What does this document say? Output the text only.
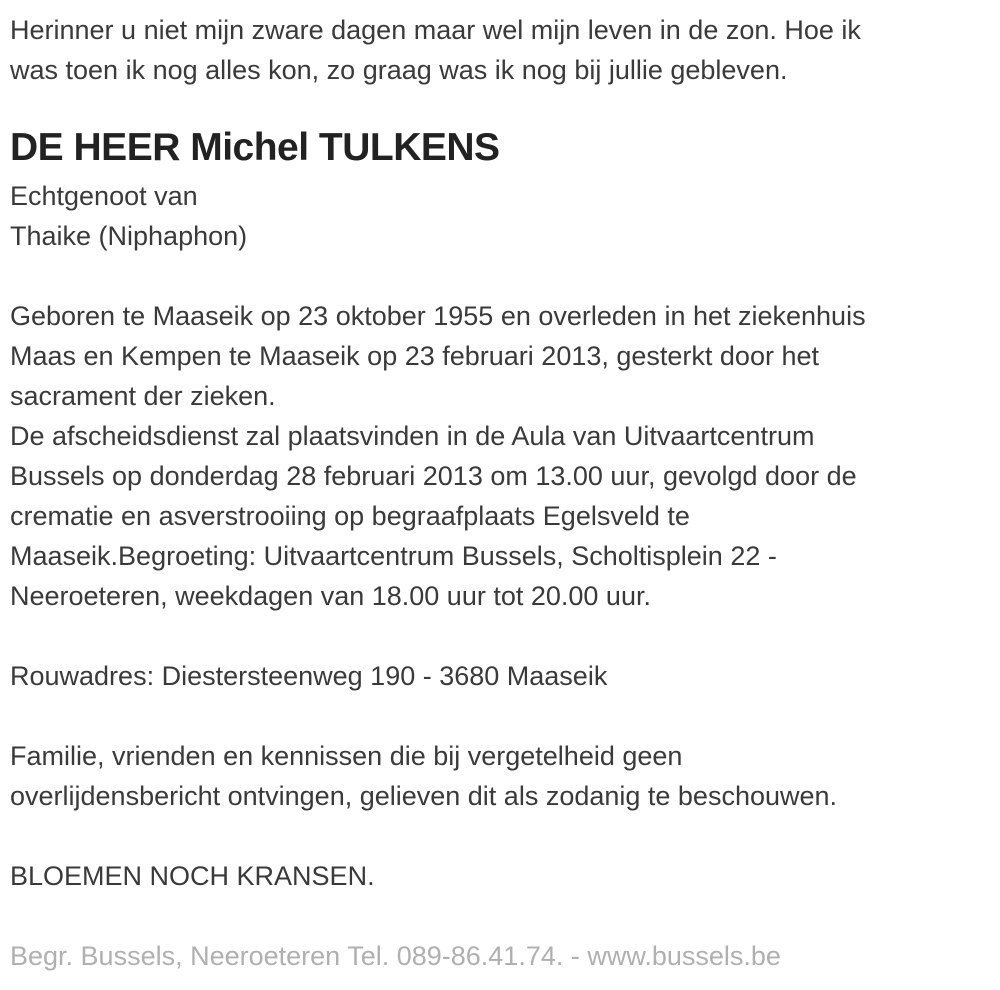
Herinner u niet mijn zware dagen maar wel mijn leven in de zon. Hoe ik
was toen ik nog alles kon, zo graag was ik nog bij jullie gebleven.

DE HEER Michel TULKENS

Echtgenoot van
Thaike (Niphaphon)

Geboren te Maaseik op 23 oktober 1955 en overleden in het ziekenhuis
Maas en Kempen te Maaseik op 23 februari 2013, gesterkt door het
sacrament der zieken.
De afscheidsdienst zal plaatsvinden in de Aula van Uitvaartcentrum
Bussels op donderdag 28 februari 2013 om 13.00 uur, gevolgd door de
crematie en asverstrooiing op begraafplaats Egelsveld te
Maaseik.Begroeting: Uitvaartcentrum Bussels, Scholtisplein 22 -
Neeroeteren, weekdagen van 18.00 uur tot 20.00 uur.

Rouwadres: Diestersteenweg 190 - 3680 Maaseik

Familie, vrienden en kennissen die bij vergetelheid geen
overlijdensbericht ontvingen, gelieven dit als zodanig te beschouwen.

BLOEMEN NOCH KRANSEN.

Begr. Bussels, Neeroeteren Tel. 089-86.41.74. - www.bussels.be
